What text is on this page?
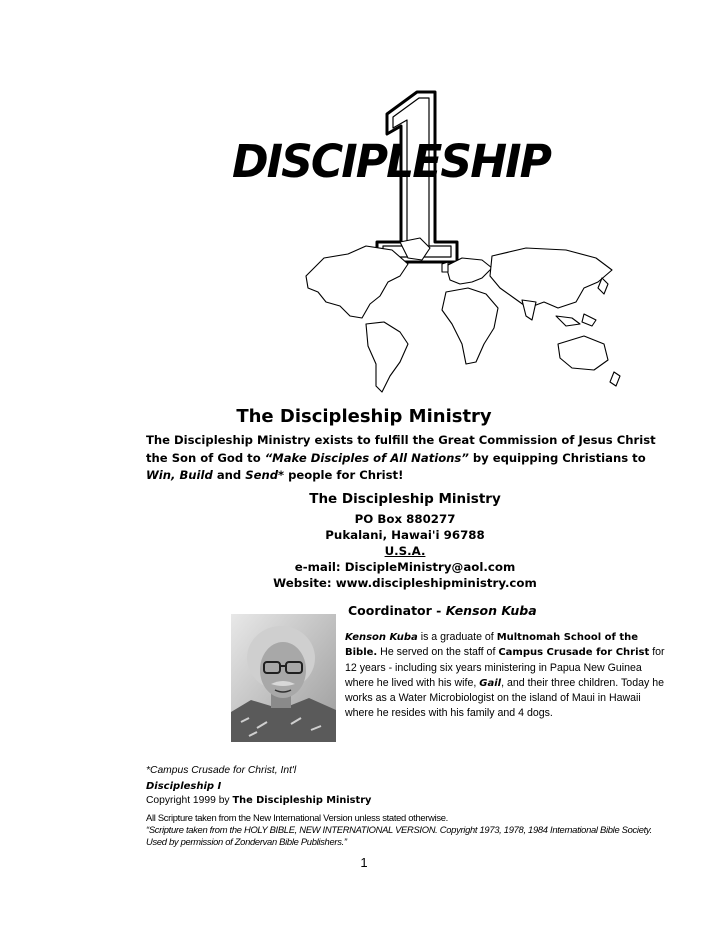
DISCIPLESHIP
The Discipleship Ministry
The Discipleship Ministry exists to fulfill the Great Commission of Jesus Christ the Son of God to “Make Disciples of All Nations” by equipping Christians to Win, Build and Send* people for Christ!
The Discipleship Ministry
PO Box 880277
Pukalani, Hawai'i 96788
U.S.A.
e-mail: DiscipleMinistry@aol.com
Website: www.discipleshipministry.com
Coordinator - Kenson Kuba
Kenson Kuba is a graduate of Multnomah School of the Bible. He served on the staff of Campus Crusade for Christ for 12 years - including six years ministering in Papua New Guinea where he lived with his wife, Gail, and their three children. Today he works as a Water Microbiologist on the island of Maui in Hawaii where he resides with his family and 4 dogs.
*Campus Crusade for Christ, Int'l
Discipleship I
Copyright 1999 by The Discipleship Ministry
All Scripture taken from the New International Version unless stated otherwise.
“Scripture taken from the HOLY BIBLE, NEW INTERNATIONAL VERSION. Copyright 1973, 1978, 1984 International Bible Society. Used by permission of Zondervan Bible Publishers.”
1
